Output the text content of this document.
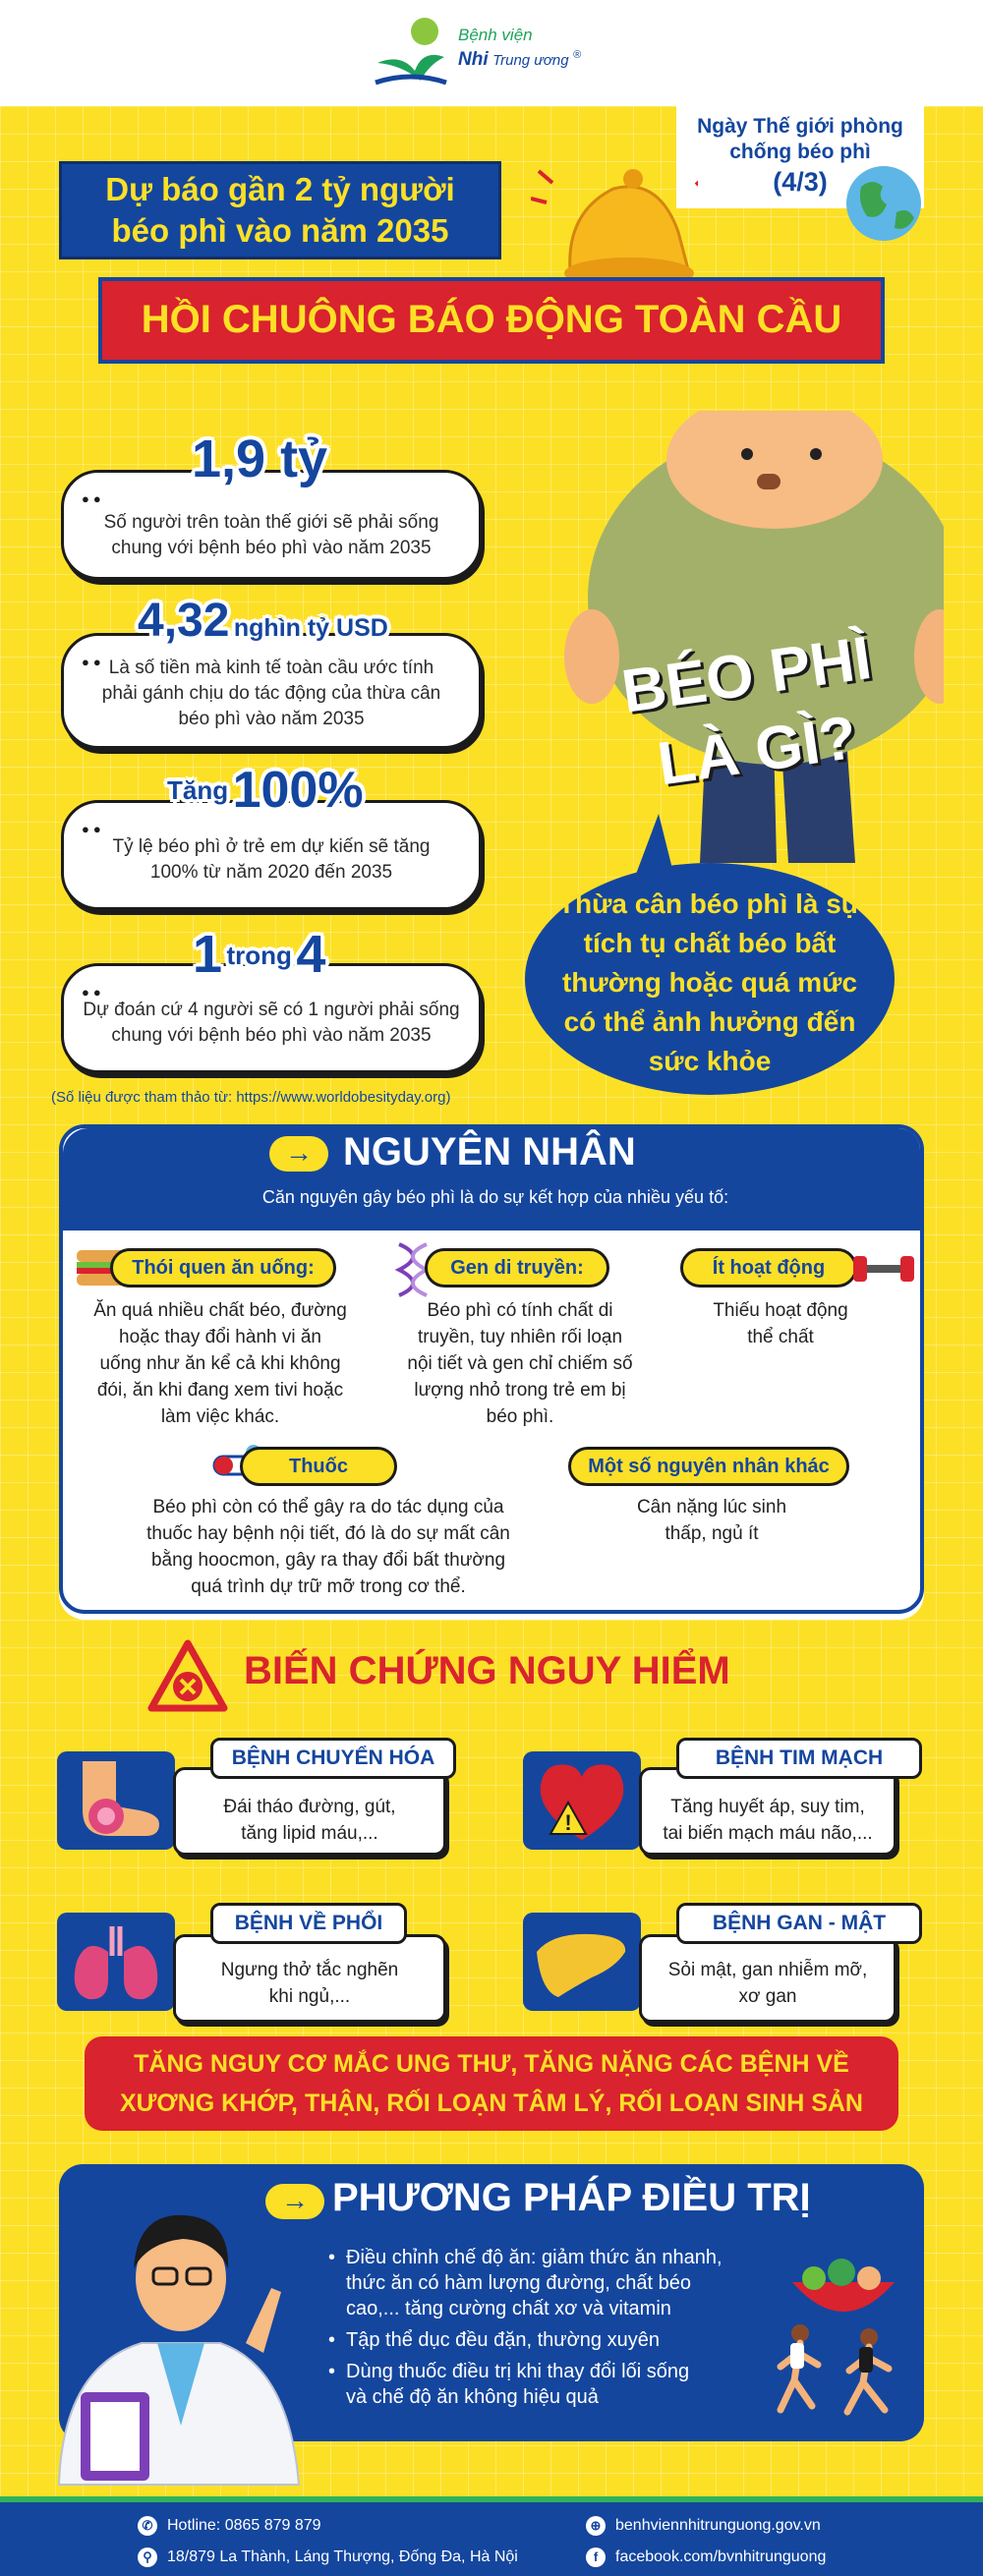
Bệnh viện
Nhi Trung ương ®
Ngày Thế giới phòng
chống béo phì
(4/3)
Dự báo gần 2 tỷ người
béo phì vào năm 2035
HỒI CHUÔNG BÁO ĐỘNG TOÀN CẦU
●●
Số người trên toàn thế giới sẽ phải sống
chung với bệnh béo phì vào năm 2035
1,9 tỷ
●● Là số tiền mà kinh tế toàn cầu ước tính
phải gánh chịu do tác động của thừa cân
béo phì vào năm 2035
4,32 nghìn tỷ USD
●●
Tỷ lệ béo phì ở trẻ em dự kiến sẽ tăng
100% từ năm 2020 đến 2035
Tăng 100%
●●
Dự đoán cứ 4 người sẽ có 1 người phải sống
chung với bệnh béo phì vào năm 2035
1 trong 4
(Số liệu được tham thảo từ: https://www.worldobesityday.org)
BÉO PHÌ
LÀ GÌ?
Thừa cân béo phì là sự
tích tụ chất béo bất
thường hoặc quá mức
có thể ảnh hưởng đến
sức khỏe
→ NGUYÊN NHÂN
Căn nguyên gây béo phì là do sự kết hợp của nhiều yếu tố:
Thói quen ăn uống:
Ăn quá nhiều chất béo, đường
hoặc thay đổi hành vi ăn
uống như ăn kể cả khi không
đói, ăn khi đang xem tivi hoặc
làm việc khác.
Gen di truyền:
Béo phì có tính chất di
truyền, tuy nhiên rối loạn
nội tiết và gen chỉ chiếm số
lượng nhỏ trong trẻ em bị
béo phì.
Ít hoạt động
Thiếu hoạt động
thể chất
Thuốc
Béo phì còn có thể gây ra do tác dụng của
thuốc hay bệnh nội tiết, đó là do sự mất cân
bằng hoocmon, gây ra thay đổi bất thường
quá trình dự trữ mỡ trong cơ thể.
Một số nguyên nhân khác
Cân nặng lúc sinh
thấp, ngủ ít
BIẾN CHỨNG NGUY HIỂM
Đái tháo đường, gút,
tăng lipid máu,...
BỆNH CHUYỂN HÓA
!
Tăng huyết áp, suy tim,
tai biến mạch máu não,...
BỆNH TIM MẠCH
Ngưng thở tắc nghẽn
khi ngủ,...
BỆNH VỀ PHỔI
Sỏi mật, gan nhiễm mỡ,
xơ gan
BỆNH GAN - MẬT
TĂNG NGUY CƠ MẮC UNG THƯ, TĂNG NẶNG CÁC BỆNH VỀ
XƯƠNG KHỚP, THẬN, RỐI LOẠN TÂM LÝ, RỐI LOẠN SINH SẢN
→ PHƯƠNG PHÁP ĐIỀU TRỊ
• Điều chỉnh chế độ ăn: giảm thức ăn nhanh,
thức ăn có hàm lượng đường, chất béo
cao,... tăng cường chất xơ và vitamin
• Tập thể dục đều đặn, thường xuyên
• Dùng thuốc điều trị khi thay đổi lối sống
và chế độ ăn không hiệu quả
✆ Hotline: 0865 879 879
⚲ 18/879 La Thành, Láng Thượng, Đống Đa, Hà Nội
⊕ benhviennhitrunguong.gov.vn
f facebook.com/bvnhitrunguong
